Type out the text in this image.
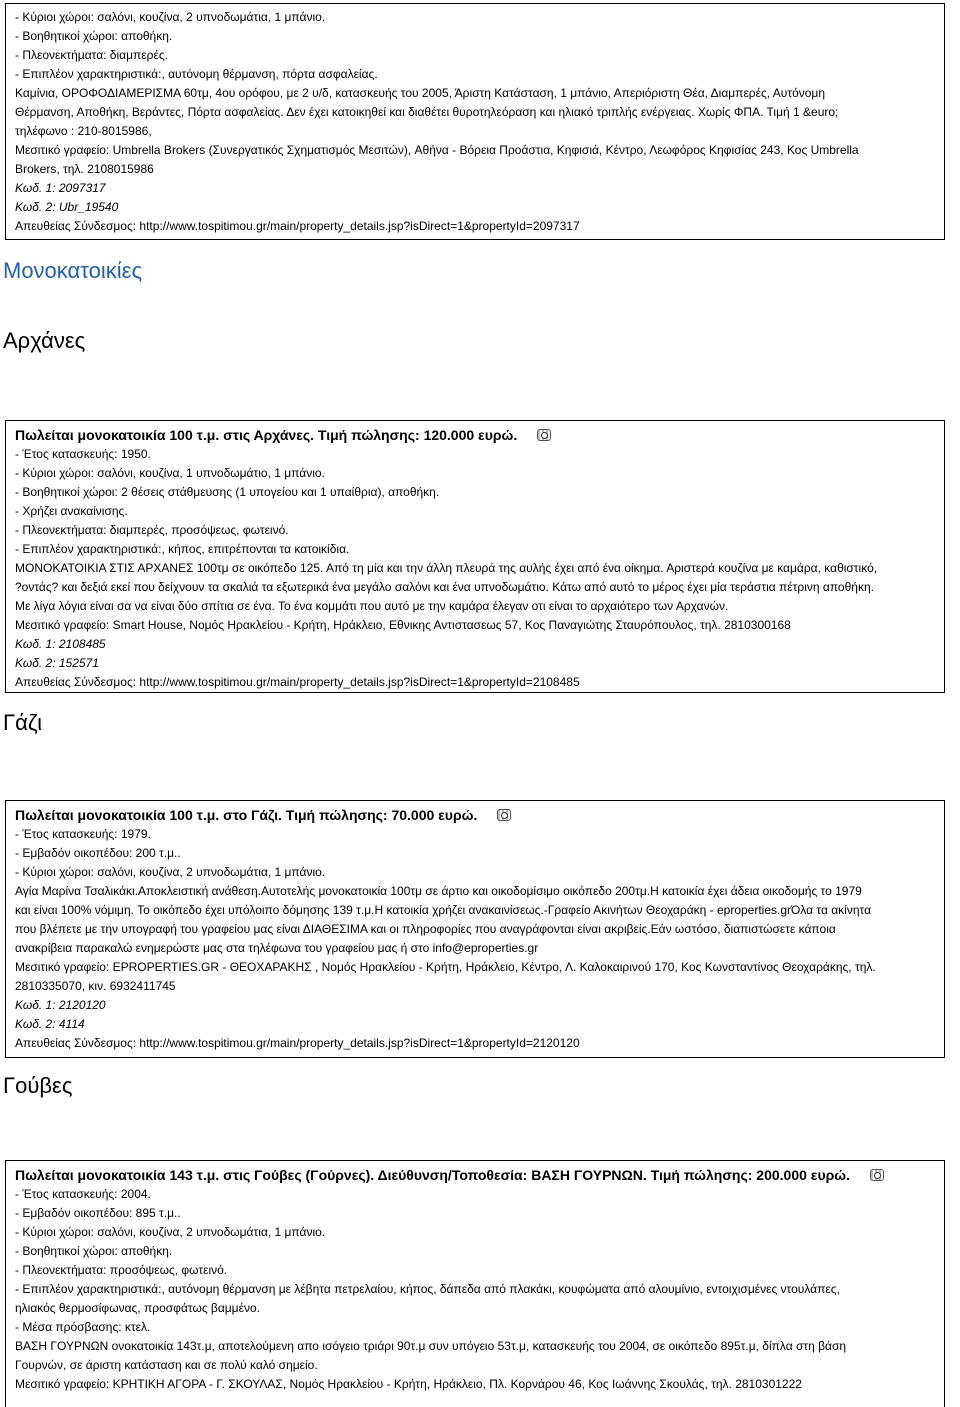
- Κύριοι χώροι: σαλόνι, κουζίνα, 2 υπνοδωμάτια, 1 μπάνιο.
- Βοηθητικοί χώροι: αποθήκη.
- Πλεονεκτήματα: διαμπερές.
- Επιπλέον χαρακτηριστικά:, αυτόνομη θέρμανση, πόρτα ασφαλείας.
Καμίνια, ΟΡΟΦΟΔΙΑΜΕΡΙΣΜΑ 60τμ, 4ου ορόφου, με 2 υ/δ, κατασκευής του 2005, Άριστη Κατάσταση, 1 μπάνιο, Απεριόριστη Θέα, Διαμπερές, Αυτόνομη
Θέρμανση, Αποθήκη, Βεράντες, Πόρτα ασφαλείας. Δεν έχει κατοικηθεί και διαθέτει θυροτηλεόραση και ηλιακό τριπλής ενέργειας. Χωρίς ΦΠΑ. Τιμή 1 &euro;
τηλέφωνο : 210-8015986,
Μεσιτικό γραφείο: Umbrella Brokers (Συνεργατικός Σχηματισμός Μεσιτών), Αθήνα - Βόρεια Προάστια, Κηφισιά, Κέντρο, Λεωφόρος Κηφισίας 243, Κος Umbrella
Brokers, τηλ. 2108015986
Κωδ. 1: 2097317
Κωδ. 2: Ubr_19540
Απευθείας Σύνδεσμος: http://www.tospitimou.gr/main/property_details.jsp?isDirect=1&propertyId=2097317
Μονοκατοικίες
Αρχάνες
Πωλείται μονοκατοικία 100 τ.μ. στις Αρχάνες. Τιμή πώλησης: 120.000 ευρώ.
- Έτος κατασκευής: 1950.
- Κύριοι χώροι: σαλόνι, κουζίνα, 1 υπνοδωμάτιο, 1 μπάνιο.
- Βοηθητικοί χώροι: 2 θέσεις στάθμευσης (1 υπογείου και 1 υπαίθρια), αποθήκη.
- Χρήζει ανακαίνισης.
- Πλεονεκτήματα: διαμπερές, προσόψεως, φωτεινό.
- Επιπλέον χαρακτηριστικά:, κήπος, επιτρέπονται τα κατοικίδια.
ΜΟΝΟΚΑΤΟΙΚΙΑ ΣΤΙΣ ΑΡΧΑΝΕΣ 100τμ σε οικόπεδο 125. Από τη μία και την άλλη πλευρά της αυλής έχει από ένα οίκημα. Αριστερά κουζίνα με καμάρα, καθιστικό,
?οντάς? και δεξιά εκεί που δείχνουν τα σκαλιά τα εξωτερικά ένα μεγάλο σαλόνι και ένα υπνοδωμάτιο. Κάτω από αυτό το μέρος έχει μία τεράστια πέτρινη αποθήκη.
Με λίγα λόγια είναι σα να είναι δύο σπίτια σε ένα. Το ένα κομμάτι που αυτό με την καμάρα έλεγαν οτι είναι το αρχαιότερο των Αρχανών.
Μεσιτικό γραφείο: Smart House, Νομός Ηρακλείου - Κρήτη, Ηράκλειο, Εθνικης Αντιστασεως 57, Κος Παναγιώτης Σταυρόπουλος, τηλ. 2810300168
Κωδ. 1: 2108485
Κωδ. 2: 152571
Απευθείας Σύνδεσμος: http://www.tospitimou.gr/main/property_details.jsp?isDirect=1&propertyId=2108485
Γάζι
Πωλείται μονοκατοικία 100 τ.μ. στο Γάζι. Τιμή πώλησης: 70.000 ευρώ.
- Έτος κατασκευής: 1979.
- Εμβαδόν οικοπέδου: 200 τ.μ..
- Κύριοι χώροι: σαλόνι, κουζίνα, 2 υπνοδωμάτια, 1 μπάνιο.
Αγία Μαρίνα Τσαλικάκι.Αποκλειστική ανάθεση.Αυτοτελής μονοκατοικία 100τμ σε άρτιο και οικοδομίσιμο οικόπεδο 200τμ.Η κατοικία έχει άδεια οικοδομής το 1979
και είναι 100% νόμιμη. Το οικόπεδο έχει υπόλοιπο δόμησης 139 τ.μ.Η κατοικία χρήζει ανακαινίσεως.-Γραφείο Ακινήτων Θεοχαράκη - eproperties.grΌλα τα ακίνητα
που βλέπετε με την υπογραφή του γραφείου μας είναι ΔΙΑΘΕΣΙΜΑ και οι πληροφορίες που αναγράφονται είναι ακριβείς.Εάν ωστόσο, διαπιστώσετε κάποια
ανακρίβεια παρακαλώ ενημερώστε μας στα τηλέφωνα του γραφείου μας ή στο info@eproperties.gr
Μεσιτικό γραφείο: EPROPERTIES.GR - ΘΕΟΧΑΡΑΚΗΣ , Νομός Ηρακλείου - Κρήτη, Ηράκλειο, Κέντρο, Λ. Καλοκαιρινού 170, Κος Κωνσταντίνος Θεοχαράκης, τηλ.
2810335070, κιν. 6932411745
Κωδ. 1: 2120120
Κωδ. 2: 4114
Απευθείας Σύνδεσμος: http://www.tospitimou.gr/main/property_details.jsp?isDirect=1&propertyId=2120120
Γούβες
Πωλείται μονοκατοικία 143 τ.μ. στις Γούβες (Γούρνες). Διεύθυνση/Τοποθεσία: ΒΑΣΗ ΓΟΥΡΝΩΝ. Τιμή πώλησης: 200.000 ευρώ.
- Έτος κατασκευής: 2004.
- Εμβαδόν οικοπέδου: 895 τ.μ..
- Κύριοι χώροι: σαλόνι, κουζίνα, 2 υπνοδωμάτια, 1 μπάνιο.
- Βοηθητικοί χώροι: αποθήκη.
- Πλεονεκτήματα: προσόψεως, φωτεινό.
- Επιπλέον χαρακτηριστικά:, αυτόνομη θέρμανση με λέβητα πετρελαίου, κήπος, δάπεδα από πλακάκι, κουφώματα από αλουμίνιο, εντοιχισμένες ντουλάπες,
ηλιακός θερμοσίφωνας, προσφάτως βαμμένο.
- Μέσα πρόσβασης: κτελ.
ΒΑΣΗ ΓΟΥΡΝΩΝ ονοκατοικία 143τ.μ, αποτελούμενη απο ισόγειο τριάρι 90τ.μ συν υπόγειο 53τ.μ, κατασκευής του 2004, σε οικόπεδο 895τ.μ, δίπλα στη βάση
Γουρνών, σε άριστη κατάσταση και σε πολύ καλό σημείο.
Μεσιτικό γραφείο: ΚΡΗΤΙΚΗ ΑΓΟΡΑ - Γ. ΣΚΟΥΛΑΣ, Νομός Ηρακλείου - Κρήτη, Ηράκλειο, Πλ. Κορνάρου 46, Κος Ιωάννης Σκουλάς, τηλ. 2810301222
